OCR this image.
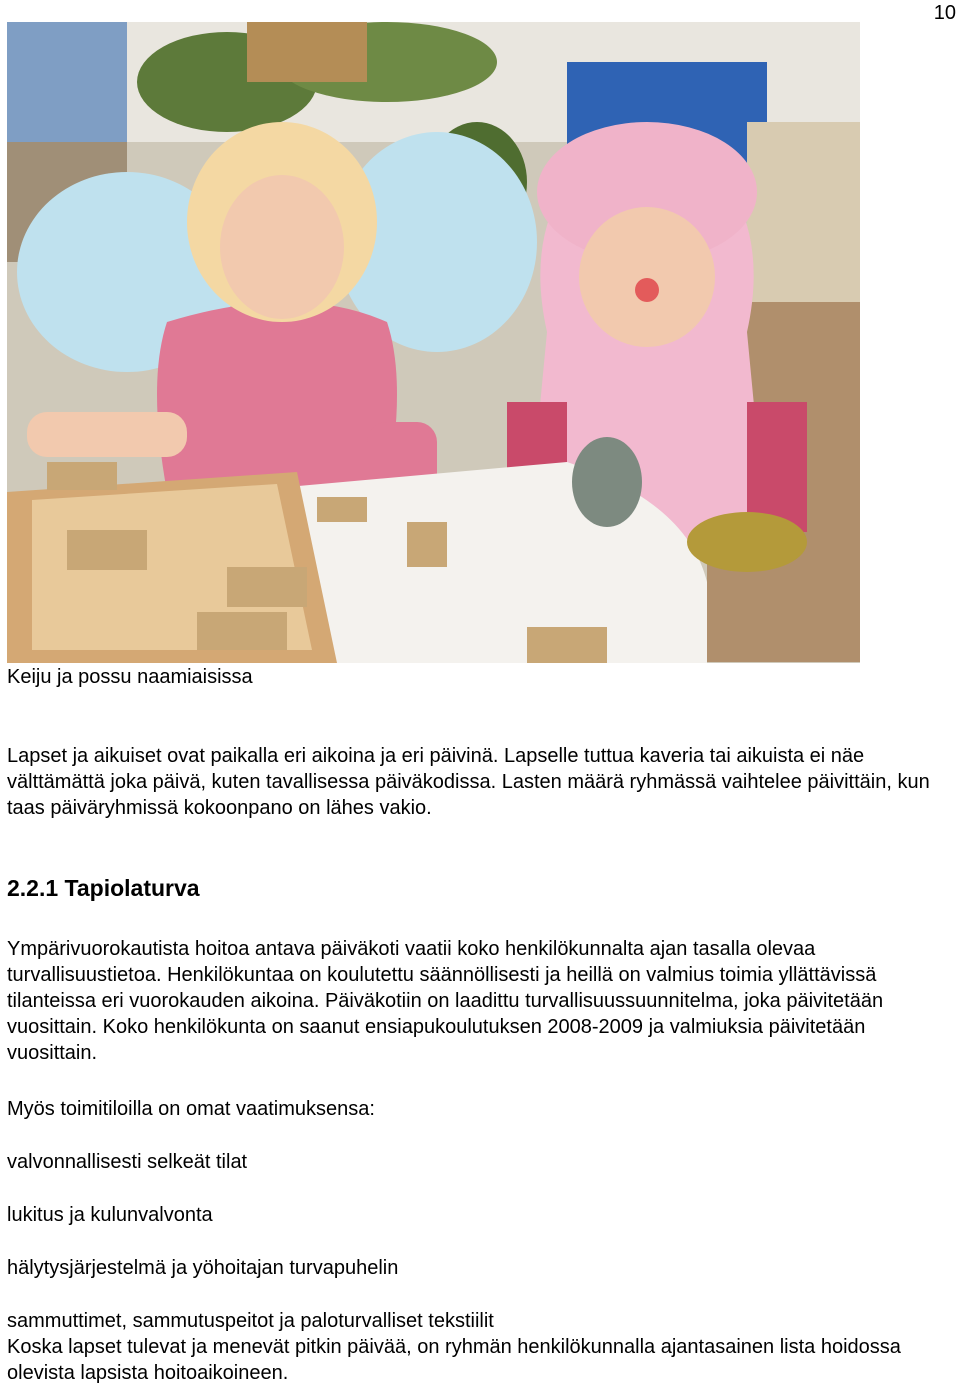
10
Keiju ja possu naamiaisissa

Lapset ja aikuiset ovat paikalla eri aikoina ja eri päivinä. Lapselle tuttua kaveria tai aikuista ei näe välttämättä joka päivä, kuten tavallisessa päiväkodissa. Lasten määrä ryhmässä vaihtelee päivittäin, kun taas päiväryhmissä kokoonpano on lähes vakio.

2.2.1 Tapiolaturva

Ympärivuorokautista hoitoa antava päiväkoti vaatii koko henkilökunnalta ajan tasalla olevaa turvallisuustietoa. Henkilökuntaa on koulutettu säännöllisesti ja heillä on valmius toimia yllättävissä tilanteissa eri vuorokauden aikoina. Päiväkotiin on laadittu turvallisuussuunnitelma, joka päivitetään vuosittain. Koko henkilökunta on saanut ensiapukoulutuksen 2008-2009 ja valmiuksia päivitetään vuosittain.

Myös toimitiloilla on omat vaatimuksensa:
valvonnallisesti selkeät tilat
lukitus ja kulunvalvonta
hälytysjärjestelmä ja yöhoitajan turvapuhelin
sammuttimet, sammutuspeitot ja paloturvalliset tekstiilit

Koska lapset tulevat ja menevät pitkin päivää, on ryhmän henkilökunnalla ajantasainen lista hoidossa olevista lapsista hoitoaikoineen.
